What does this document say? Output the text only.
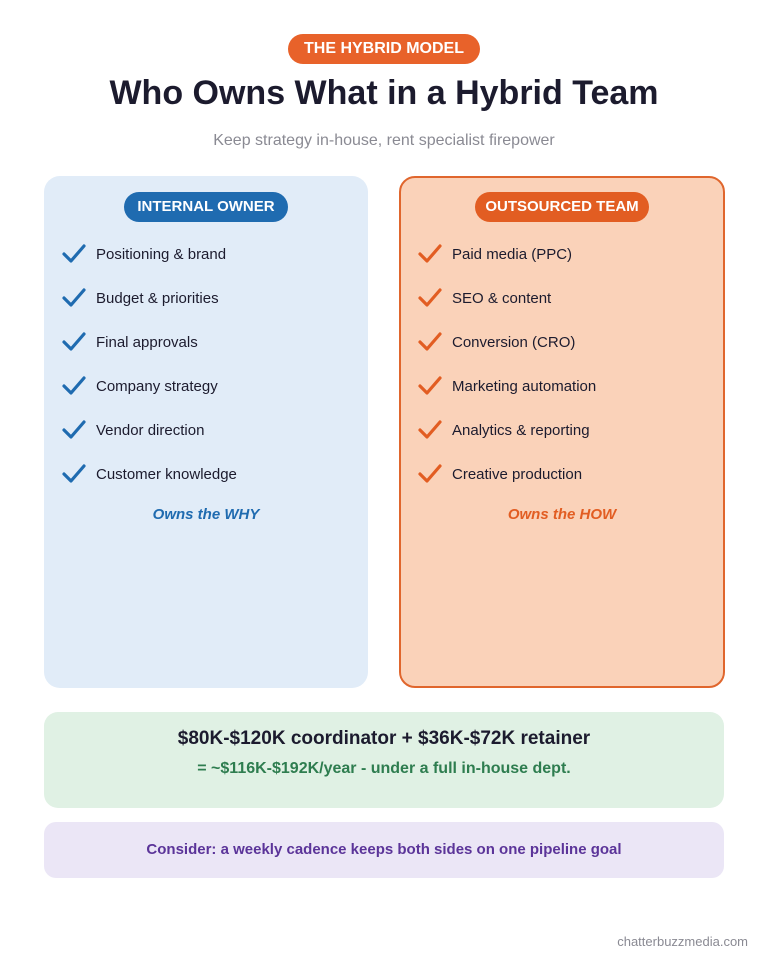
THE HYBRID MODEL
Who Owns What in a Hybrid Team
Keep strategy in-house, rent specialist firepower
INTERNAL OWNER
Positioning & brand
Budget & priorities
Final approvals
Company strategy
Vendor direction
Customer knowledge
Owns the WHY
OUTSOURCED TEAM
Paid media (PPC)
SEO & content
Conversion (CRO)
Marketing automation
Analytics & reporting
Creative production
Owns the HOW
$80K-$120K coordinator + $36K-$72K retainer
= ~$116K-$192K/year - under a full in-house dept.
Consider: a weekly cadence keeps both sides on one pipeline goal
chatterbuzzmedia.com
